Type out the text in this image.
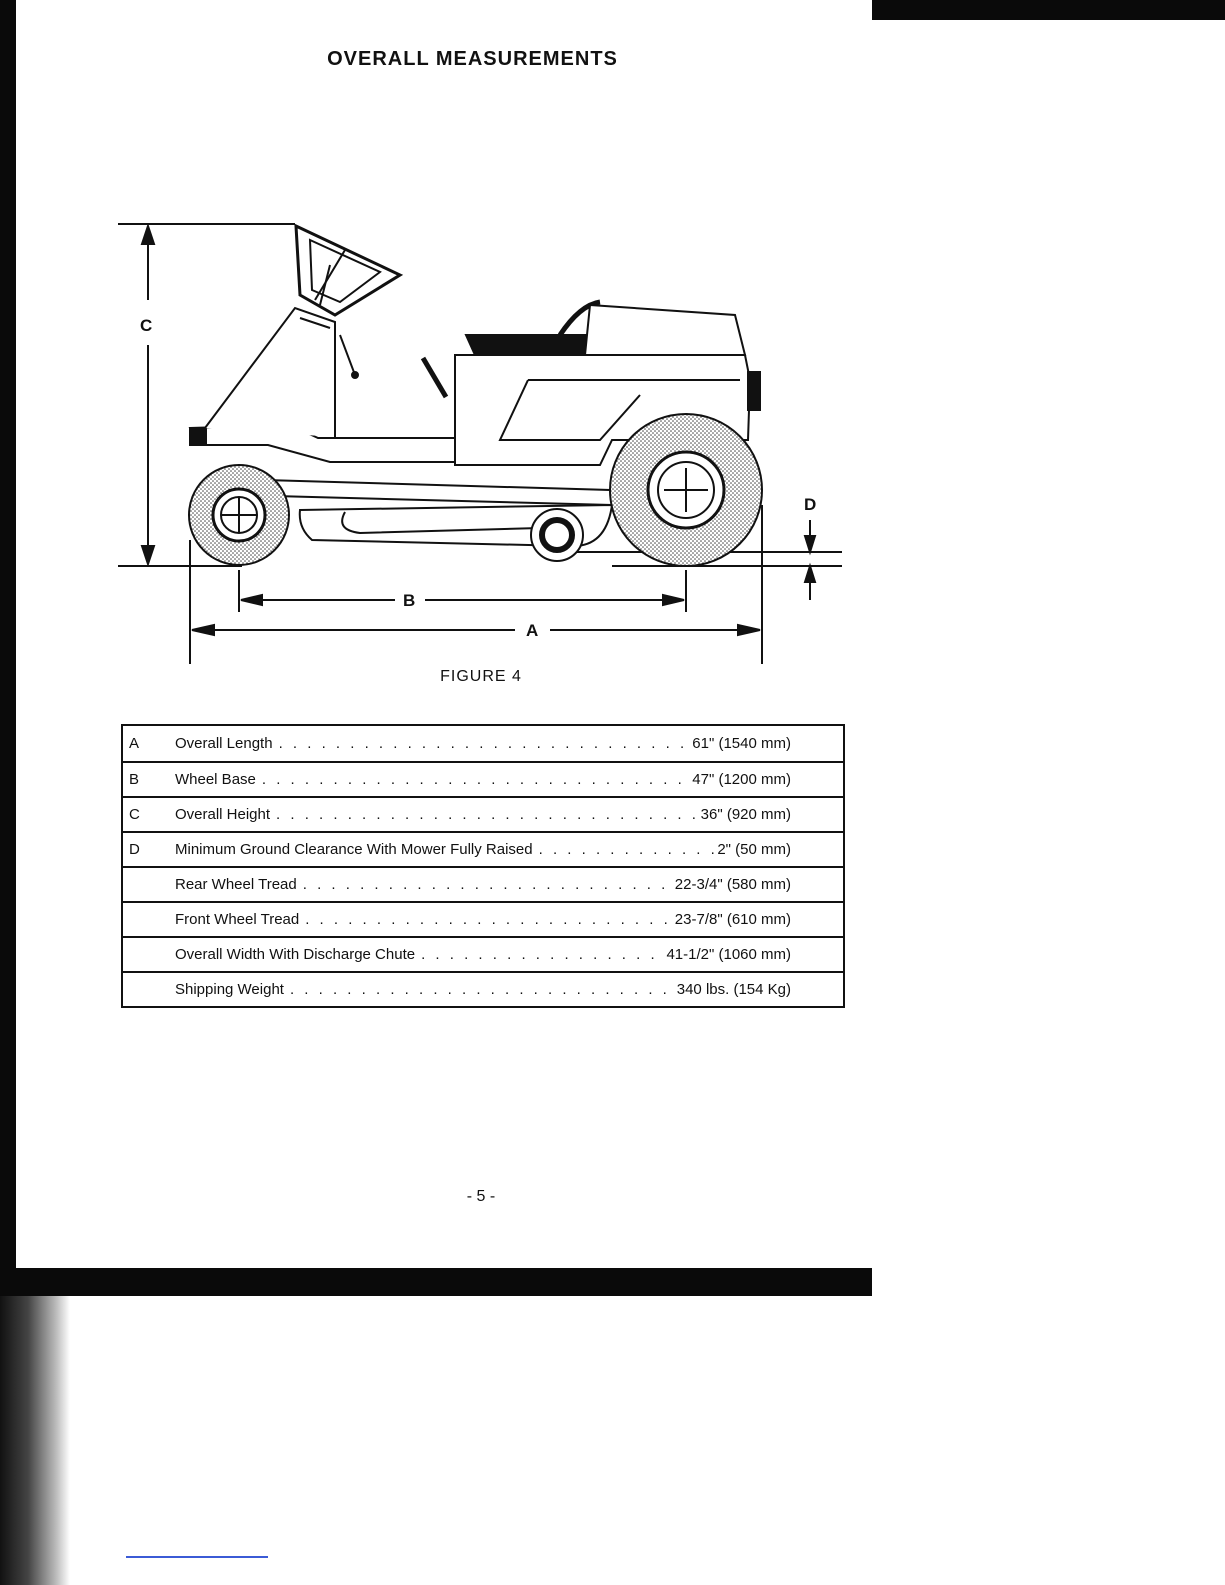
OVERALL MEASUREMENTS
C
B
A
D
FIGURE 4
A	Overall Length . . .	61" (1540 mm)
B	Wheel Base . . .	47" (1200 mm)
C	Overall Height . . .	36" (920 mm)
D	Minimum Ground Clearance With Mower Fully Raised . . .	2" (50 mm)
Rear Wheel Tread . . .	22-3/4" (580 mm)
Front Wheel Tread . . .	23-7/8" (610 mm)
Overall Width With Discharge Chute . . .	41-1/2" (1060 mm)
Shipping Weight . . .	340 lbs. (154 Kg)
- 5 -
